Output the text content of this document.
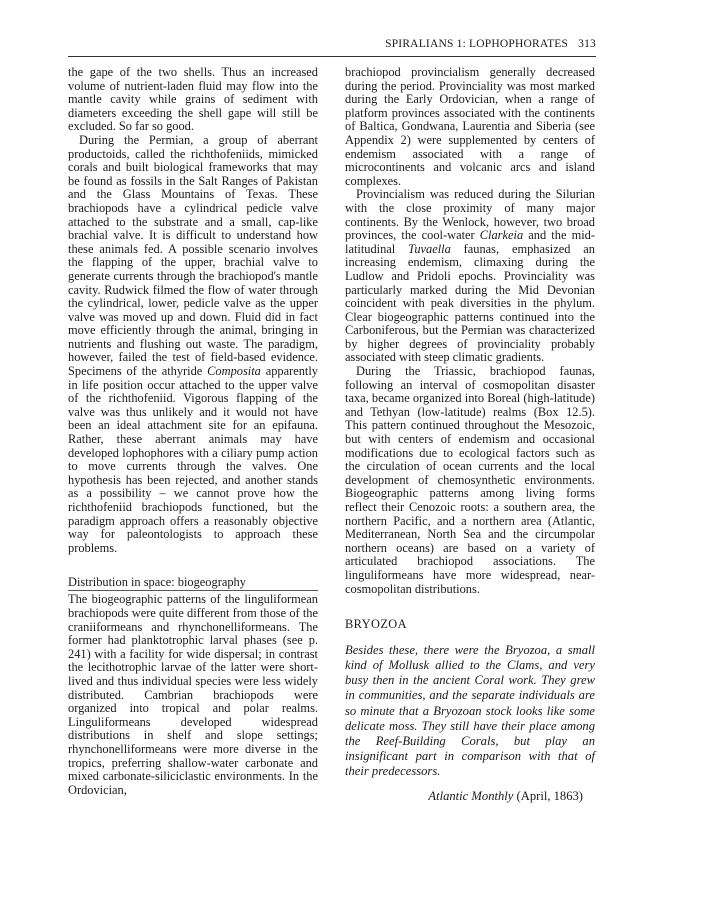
SPIRALIANS 1: LOPHOPHORATES 313

the gape of the two shells. Thus an increased volume of nutrient-laden fluid may flow into the mantle cavity while grains of sediment with diameters exceeding the shell gape will still be excluded. So far so good.

During the Permian, a group of aberrant productoids, called the richthofeniids, mimicked corals and built biological frameworks that may be found as fossils in the Salt Ranges of Pakistan and the Glass Mountains of Texas. These brachiopods have a cylindrical pedicle valve attached to the substrate and a small, cap-like brachial valve. It is difficult to understand how these animals fed. A possible scenario involves the flapping of the upper, brachial valve to generate currents through the brachiopod's mantle cavity. Rudwick filmed the flow of water through the cylindrical, lower, pedicle valve as the upper valve was moved up and down. Fluid did in fact move efficiently through the animal, bringing in nutrients and flushing out waste. The paradigm, however, failed the test of field-based evidence. Specimens of the athyride Composita apparently in life position occur attached to the upper valve of the richthofeniid. Vigorous flapping of the valve was thus unlikely and it would not have been an ideal attachment site for an epifauna. Rather, these aberrant animals may have developed lophophores with a ciliary pump action to move currents through the valves. One hypothesis has been rejected, and another stands as a possibility – we cannot prove how the richthofeniid brachiopods functioned, but the paradigm approach offers a reasonably objective way for paleontologists to approach these problems.

Distribution in space: biogeography

The biogeographic patterns of the linguliformean brachiopods were quite different from those of the craniiformeans and rhynchonelliformeans. The former had planktotrophic larval phases (see p. 241) with a facility for wide dispersal; in contrast the lecithotrophic larvae of the latter were short-lived and thus individual species were less widely distributed. Cambrian brachiopods were organized into tropical and polar realms. Linguliformeans developed widespread distributions in shelf and slope settings; rhynchonelliformeans were more diverse in the tropics, preferring shallow-water carbonate and mixed carbonate-siliciclastic environments. In the Ordovician,

brachiopod provincialism generally decreased during the period. Provinciality was most marked during the Early Ordovician, when a range of platform provinces associated with the continents of Baltica, Gondwana, Laurentia and Siberia (see Appendix 2) were supplemented by centers of endemism associated with a range of microcontinents and volcanic arcs and island complexes.

Provincialism was reduced during the Silurian with the close proximity of many major continents. By the Wenlock, however, two broad provinces, the cool-water Clarkeia and the mid-latitudinal Tuvaella faunas, emphasized an increasing endemism, climaxing during the Ludlow and Pridoli epochs. Provinciality was particularly marked during the Mid Devonian coincident with peak diversities in the phylum. Clear biogeographic patterns continued into the Carboniferous, but the Permian was characterized by higher degrees of provinciality probably associated with steep climatic gradients.

During the Triassic, brachiopod faunas, following an interval of cosmopolitan disaster taxa, became organized into Boreal (high-latitude) and Tethyan (low-latitude) realms (Box 12.5). This pattern continued throughout the Mesozoic, but with centers of endemism and occasional modifications due to ecological factors such as the circulation of ocean currents and the local development of chemosynthetic environments. Biogeographic patterns among living forms reflect their Cenozoic roots: a southern area, the northern Pacific, and a northern area (Atlantic, Mediterranean, North Sea and the circumpolar northern oceans) are based on a variety of articulated brachiopod associations. The linguliformeans have more widespread, near-cosmopolitan distributions.

BRYOZOA

Besides these, there were the Bryozoa, a small kind of Mollusk allied to the Clams, and very busy then in the ancient Coral work. They grew in communities, and the separate individuals are so minute that a Bryozoan stock looks like some delicate moss. They still have their place among the Reef-Building Corals, but play an insignificant part in comparison with that of their predecessors.

Atlantic Monthly (April, 1863)
